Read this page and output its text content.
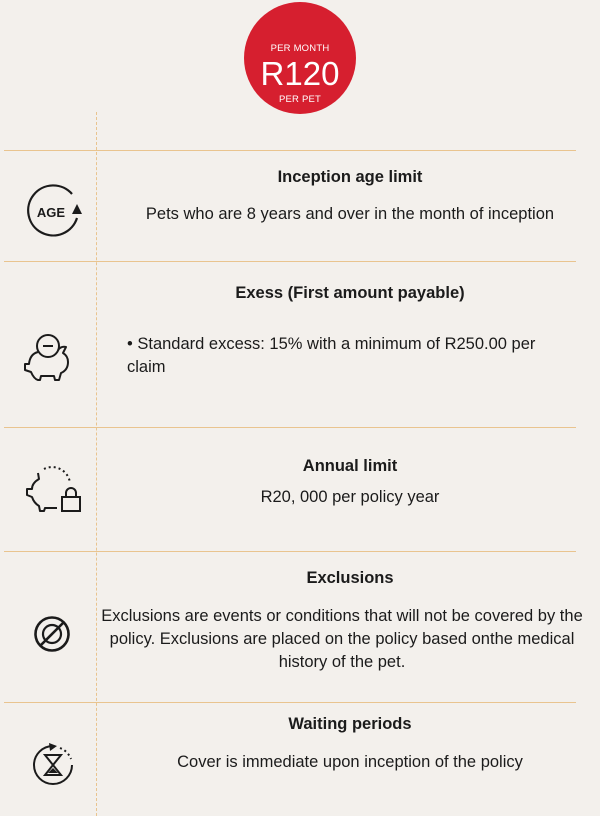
PER MONTH
R120
PER PET
AGE
Inception age limit
Pets who are 8 years and over in the month of inception
Exess (First amount payable)
• Standard excess: 15% with a minimum of R250.00 per claim
Annual limit
R20, 000 per policy year
Exclusions
Exclusions are events or conditions that will not be covered by the policy. Exclusions are placed on the policy based onthe medical history of the pet.
Waiting periods
Cover is immediate upon inception of the policy
